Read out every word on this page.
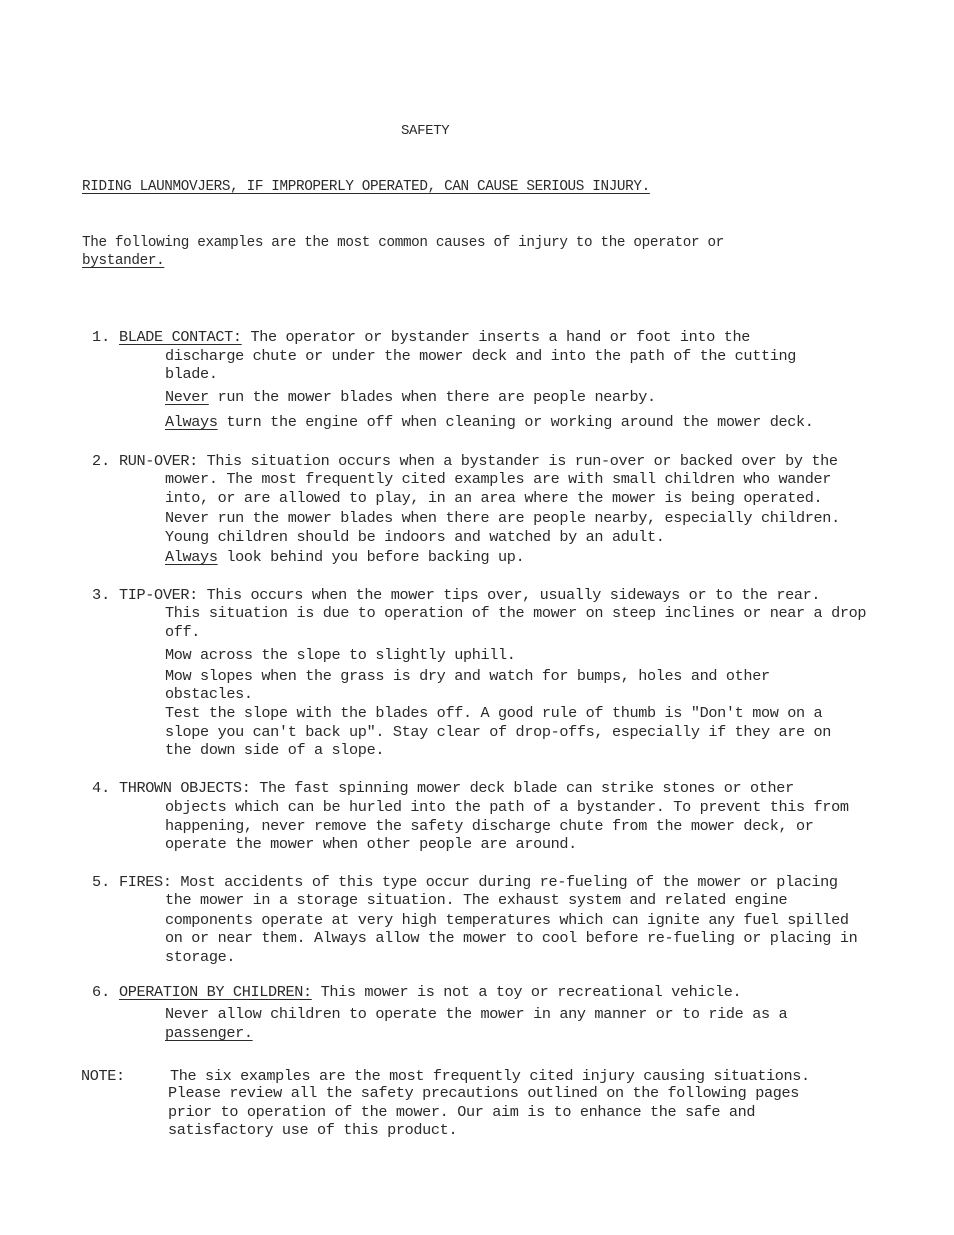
SAFETY
RIDING LAUNMOVJERS, IF IMPROPERLY OPERATED, CAN CAUSE SERIOUS INJURY.
The following examples are the most common causes of injury to the operator or
bystander.
1. BLADE CONTACT: The operator or bystander inserts a hand or foot into the
discharge chute or under the mower deck and into the path of the cutting
blade.
Never run the mower blades when there are people nearby.
Always turn the engine off when cleaning or working around the mower deck.
2. RUN-OVER: This situation occurs when a bystander is run-over or backed over by the
mower. The most frequently cited examples are with small children who wander
into, or are allowed to play, in an area where the mower is being operated.
Never run the mower blades when there are people nearby, especially children.
Young children should be indoors and watched by an adult.
Always look behind you before backing up.
3. TIP-OVER: This occurs when the mower tips over, usually sideways or to the rear.
This situation is due to operation of the mower on steep inclines or near a drop
off.
Mow across the slope to slightly uphill.
Mow slopes when the grass is dry and watch for bumps, holes and other
obstacles.
Test the slope with the blades off. A good rule of thumb is "Don't mow on a
slope you can't back up". Stay clear of drop-offs, especially if they are on
the down side of a slope.
4. THROWN OBJECTS: The fast spinning mower deck blade can strike stones or other
objects which can be hurled into the path of a bystander. To prevent this from
happening, never remove the safety discharge chute from the mower deck, or
operate the mower when other people are around.
5. FIRES: Most accidents of this type occur during re-fueling of the mower or placing
the mower in a storage situation. The exhaust system and related engine
components operate at very high temperatures which can ignite any fuel spilled
on or near them. Always allow the mower to cool before re-fueling or placing in
storage.
6. OPERATION BY CHILDREN: This mower is not a toy or recreational vehicle.
Never allow children to operate the mower in any manner or to ride as a
passenger.
NOTE:	The six examples are the most frequently cited injury causing situations.
Please review all the safety precautions outlined on the following pages
prior to operation of the mower. Our aim is to enhance the safe and
satisfactory use of this product.
